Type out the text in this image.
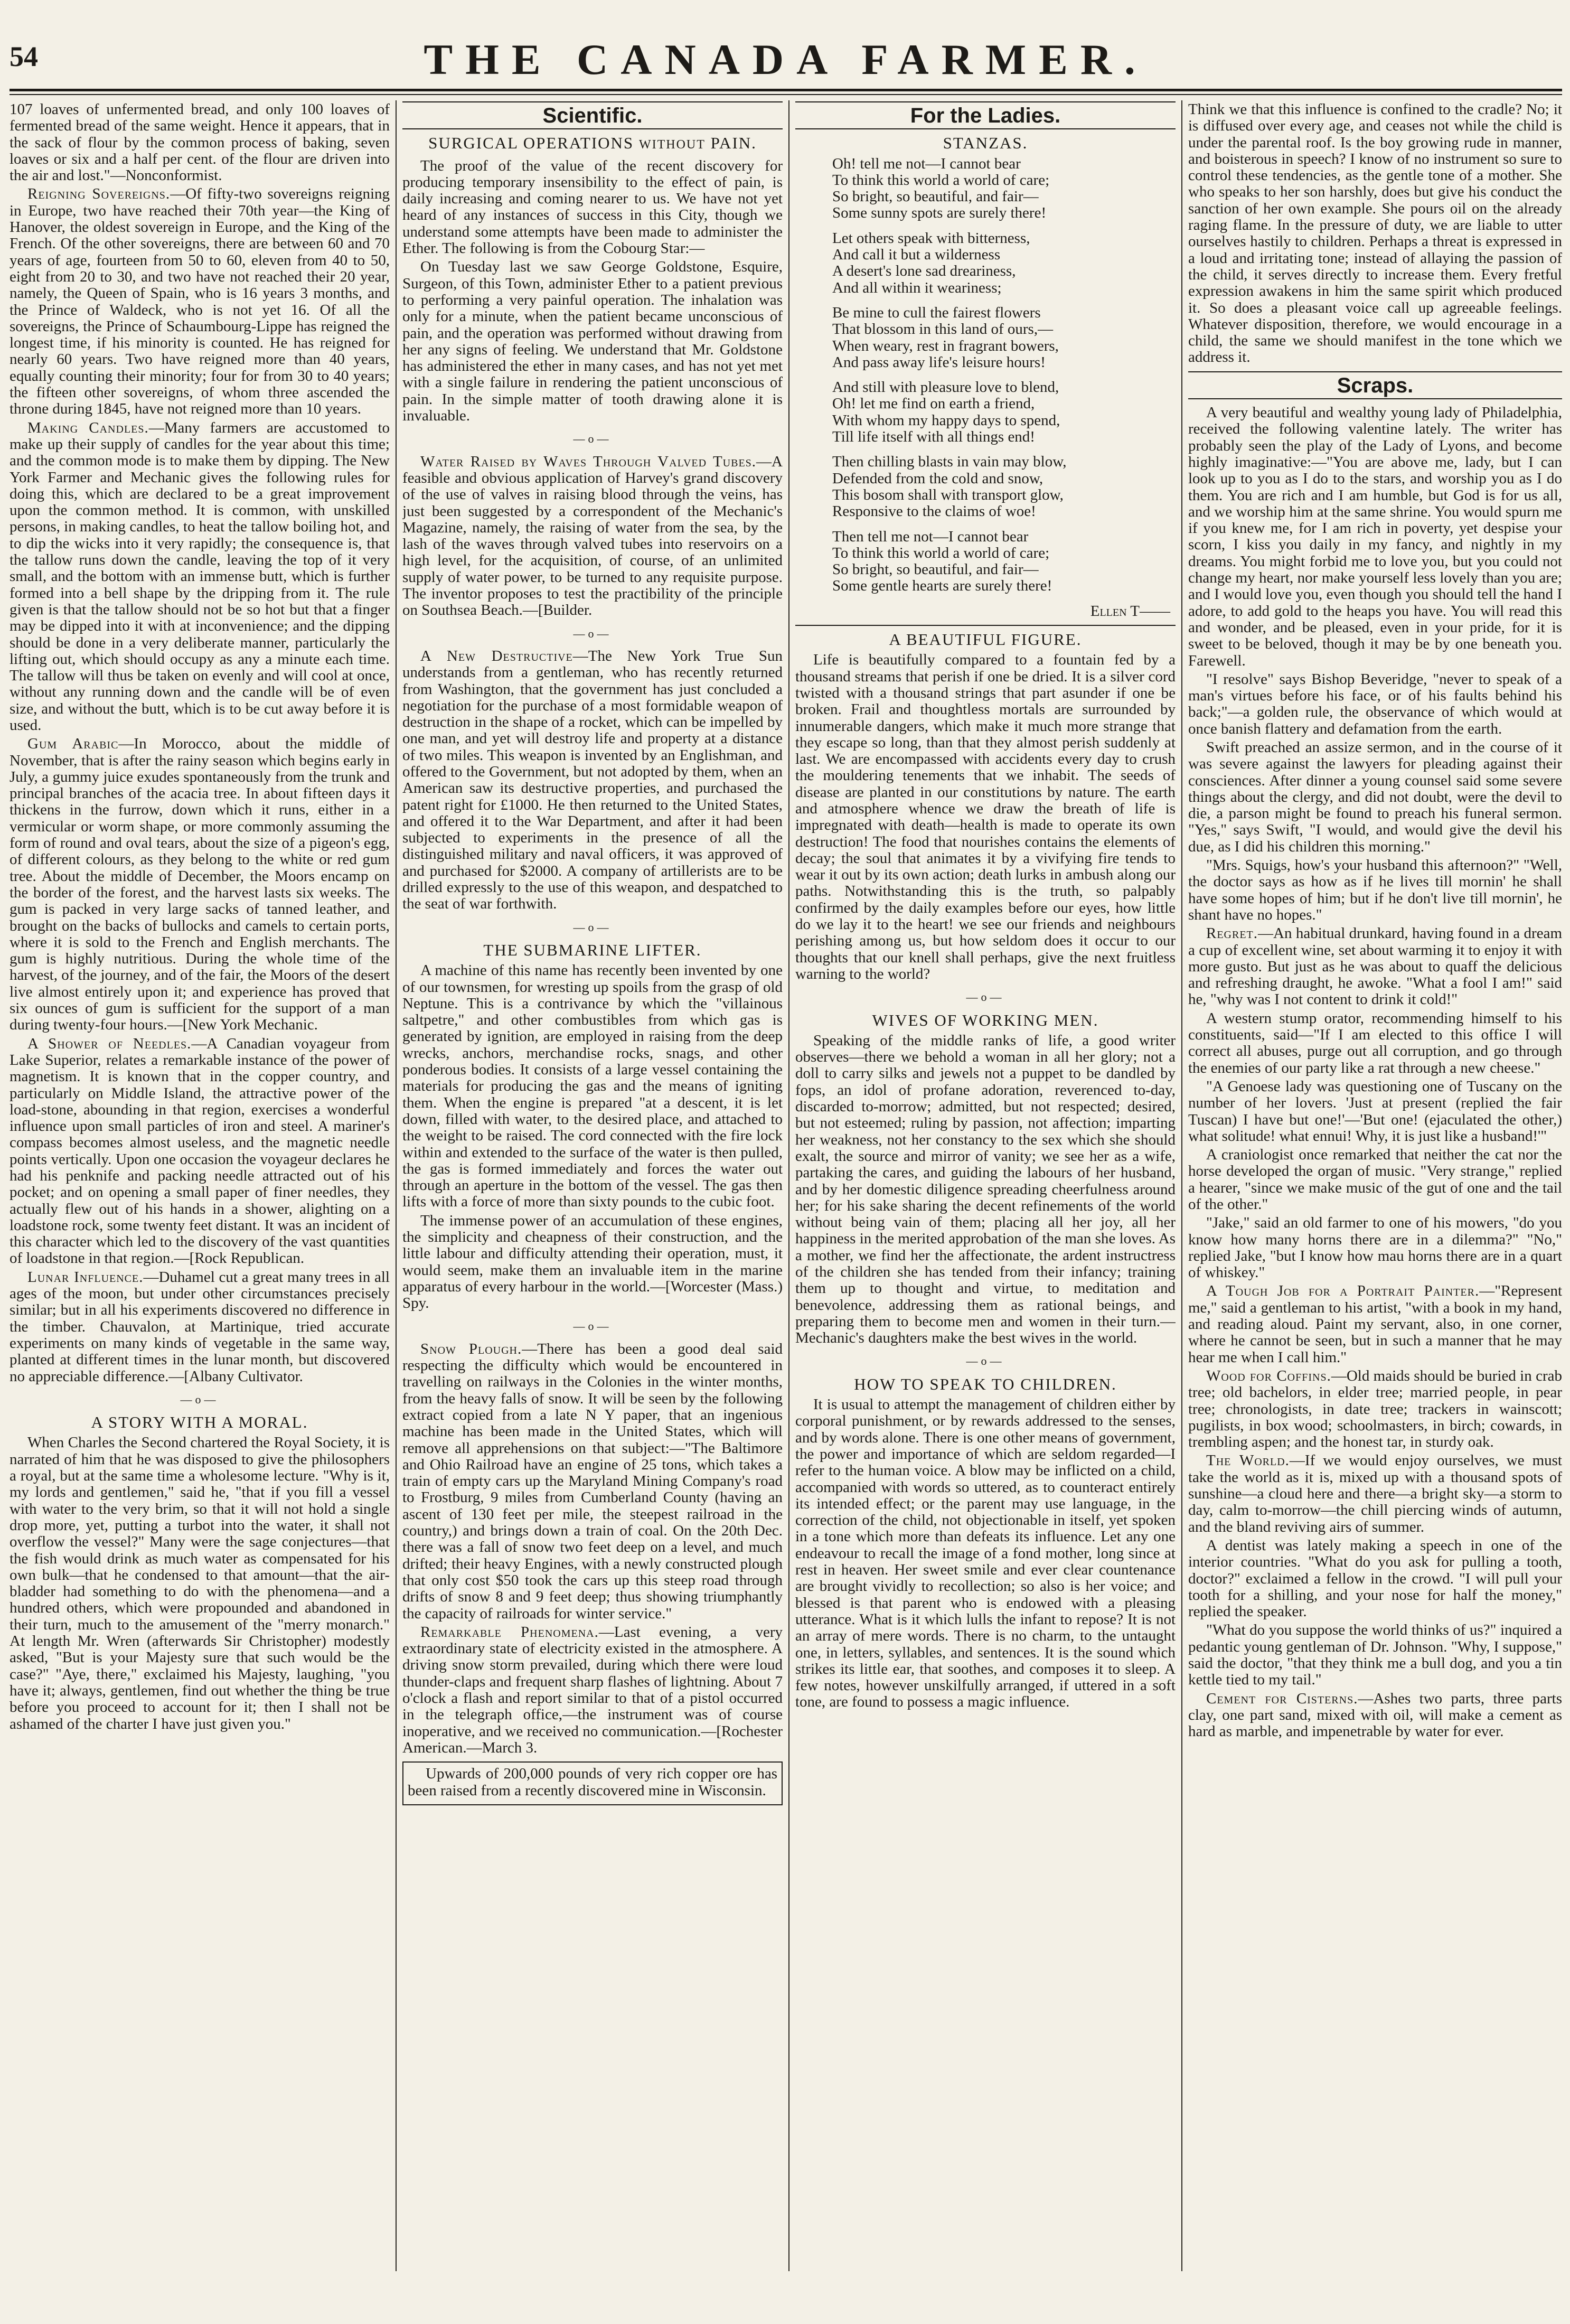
54	THE CANADA FARMER.

107 loaves of unfermented bread, and only 100 loaves of fermented bread of the same weight. Hence it appears, that in the sack of flour by the common process of baking, seven loaves or six and a half per cent. of the flour are driven into the air and lost."—Nonconformist.

Reigning Sovereigns.—Of fifty-two sovereigns reigning in Europe, two have reached their 70th year—the King of Hanover, the oldest sovereign in Europe, and the King of the French. Of the other sovereigns, there are between 60 and 70 years of age, fourteen from 50 to 60, eleven from 40 to 50, eight from 20 to 30, and two have not reached their 20 year, namely, the Queen of Spain, who is 16 years 3 months, and the Prince of Waldeck, who is not yet 16. Of all the sovereigns, the Prince of Schaumbourg-Lippe has reigned the longest time, if his minority is counted. He has reigned for nearly 60 years. Two have reigned more than 40 years, equally counting their minority; four for from 30 to 40 years; the fifteen other sovereigns, of whom three ascended the throne during 1845, have not reigned more than 10 years.

Making Candles.—Many farmers are accustomed to make up their supply of candles for the year about this time; and the common mode is to make them by dipping. The New York Farmer and Mechanic gives the following rules for doing this, which are declared to be a great improvement upon the common method. It is common, with unskilled persons, in making candles, to heat the tallow boiling hot, and to dip the wicks into it very rapidly; the consequence is, that the tallow runs down the candle, leaving the top of it very small, and the bottom with an immense butt, which is further formed into a bell shape by the dripping from it. The rule given is that the tallow should not be so hot but that a finger may be dipped into it with at inconvenience; and the dipping should be done in a very deliberate manner, particularly the lifting out, which should occupy as any a minute each time. The tallow will thus be taken on evenly and will cool at once, without any running down and the candle will be of even size, and without the butt, which is to be cut away before it is used.

Gum Arabic—In Morocco, about the middle of November, that is after the rainy season which begins early in July, a gummy juice exudes spontaneously from the trunk and principal branches of the acacia tree. In about fifteen days it thickens in the furrow, down which it runs, either in a vermicular or worm shape, or more commonly assuming the form of round and oval tears, about the size of a pigeon's egg, of different colours, as they belong to the white or red gum tree. About the middle of December, the Moors encamp on the border of the forest, and the harvest lasts six weeks. The gum is packed in very large sacks of tanned leather, and brought on the backs of bullocks and camels to certain ports, where it is sold to the French and English merchants. The gum is highly nutritious. During the whole time of the harvest, of the journey, and of the fair, the Moors of the desert live almost entirely upon it; and experience has proved that six ounces of gum is sufficient for the support of a man during twenty-four hours.—[New York Mechanic.

A Shower of Needles.—A Canadian voyageur from Lake Superior, relates a remarkable instance of the power of magnetism. It is known that in the copper country, and particularly on Middle Island, the attractive power of the load-stone, abounding in that region, exercises a wonderful influence upon small particles of iron and steel. A mariner's compass becomes almost useless, and the magnetic needle points vertically. Upon one occasion the voyageur declares he had his penknife and packing needle attracted out of his pocket; and on opening a small paper of finer needles, they actually flew out of his hands in a shower, alighting on a loadstone rock, some twenty feet distant. It was an incident of this character which led to the discovery of the vast quantities of loadstone in that region.—[Rock Republican.

Lunar Influence.—Duhamel cut a great many trees in all ages of the moon, but under other circumstances precisely similar; but in all his experiments discovered no difference in the timber. Chauvalon, at Martinique, tried accurate experiments on many kinds of vegetable in the same way, planted at different times in the lunar month, but discovered no appreciable difference.—[Albany Cultivator.

—o—
A STORY WITH A MORAL.

When Charles the Second chartered the Royal Society, it is narrated of him that he was disposed to give the philosophers a royal, but at the same time a wholesome lecture. "Why is it, my lords and gentlemen," said he, "that if you fill a vessel with water to the very brim, so that it will not hold a single drop more, yet, putting a turbot into the water, it shall not overflow the vessel?" Many were the sage conjectures—that the fish would drink as much water as compensated for his own bulk—that he condensed to that amount—that the air-bladder had something to do with the phenomena—and a hundred others, which were propounded and abandoned in their turn, much to the amusement of the "merry monarch." At length Mr. Wren (afterwards Sir Christopher) modestly asked, "But is your Majesty sure that such would be the case?" "Aye, there," exclaimed his Majesty, laughing, "you have it; always, gentlemen, find out whether the thing be true before you proceed to account for it; then I shall not be ashamed of the charter I have just given you."

Scientific.
SURGICAL OPERATIONS WITHOUT PAIN.

The proof of the value of the recent discovery for producing temporary insensibility to the effect of pain, is daily increasing and coming nearer to us. We have not yet heard of any instances of success in this City, though we understand some attempts have been made to administer the Ether. The following is from the Cobourg Star:—

On Tuesday last we saw George Goldstone, Esquire, Surgeon, of this Town, administer Ether to a patient previous to performing a very painful operation. The inhalation was only for a minute, when the patient became unconscious of pain, and the operation was performed without drawing from her any signs of feeling. We understand that Mr. Goldstone has administered the ether in many cases, and has not yet met with a single failure in rendering the patient unconscious of pain. In the simple matter of tooth drawing alone it is invaluable.

—o—

Water Raised by Waves Through Valved Tubes.—A feasible and obvious application of Harvey's grand discovery of the use of valves in raising blood through the veins, has just been suggested by a correspondent of the Mechanic's Magazine, namely, the raising of water from the sea, by the lash of the waves through valved tubes into reservoirs on a high level, for the acquisition, of course, of an unlimited supply of water power, to be turned to any requisite purpose. The inventor proposes to test the practibility of the principle on Southsea Beach.—[Builder.

—o—

A New Destructive—The New York True Sun understands from a gentleman, who has recently returned from Washington, that the government has just concluded a negotiation for the purchase of a most formidable weapon of destruction in the shape of a rocket, which can be impelled by one man, and yet will destroy life and property at a distance of two miles. This weapon is invented by an Englishman, and offered to the Government, but not adopted by them, when an American saw its destructive properties, and purchased the patent right for £1000. He then returned to the United States, and offered it to the War Department, and after it had been subjected to experiments in the presence of all the distinguished military and naval officers, it was approved of and purchased for $2000. A company of artillerists are to be drilled expressly to the use of this weapon, and despatched to the seat of war forthwith.

—o—
THE SUBMARINE LIFTER.

A machine of this name has recently been invented by one of our townsmen, for wresting up spoils from the grasp of old Neptune. This is a contrivance by which the "villainous saltpetre," and other combustibles from which gas is generated by ignition, are employed in raising from the deep wrecks, anchors, merchandise rocks, snags, and other ponderous bodies. It consists of a large vessel containing the materials for producing the gas and the means of igniting them. When the engine is prepared "at a descent, it is let down, filled with water, to the desired place, and attached to the weight to be raised. The cord connected with the fire lock within and extended to the surface of the water is then pulled, the gas is formed immediately and forces the water out through an aperture in the bottom of the vessel. The gas then lifts with a force of more than sixty pounds to the cubic foot.

The immense power of an accumulation of these engines, the simplicity and cheapness of their construction, and the little labour and difficulty attending their operation, must, it would seem, make them an invaluable item in the marine apparatus of every harbour in the world.—[Worcester (Mass.) Spy.

—o—

Snow Plough.—There has been a good deal said respecting the difficulty which would be encountered in travelling on railways in the Colonies in the winter months, from the heavy falls of snow. It will be seen by the following extract copied from a late N Y paper, that an ingenious machine has been made in the United States, which will remove all apprehensions on that subject:—"The Baltimore and Ohio Railroad have an engine of 25 tons, which takes a train of empty cars up the Maryland Mining Company's road to Frostburg, 9 miles from Cumberland County (having an ascent of 130 feet per mile, the steepest railroad in the country,) and brings down a train of coal. On the 20th Dec. there was a fall of snow two feet deep on a level, and much drifted; their heavy Engines, with a newly constructed plough that only cost $50 took the cars up this steep road through drifts of snow 8 and 9 feet deep; thus showing triumphantly the capacity of railroads for winter service."

Remarkable Phenomena.—Last evening, a very extraordinary state of electricity existed in the atmosphere. A driving snow storm prevailed, during which there were loud thunder-claps and frequent sharp flashes of lightning. About 7 o'clock a flash and report similar to that of a pistol occurred in the telegraph office,—the instrument was of course inoperative, and we received no communication.—[Rochester American.—March 3.

Upwards of 200,000 pounds of very rich copper ore has been raised from a recently discovered mine in Wisconsin.

For the Ladies.
STANZAS.
Oh! tell me not—I cannot bear
To think this world a world of care;
So bright, so beautiful, and fair—
Some sunny spots are surely there!
Let others speak with bitterness,
And call it but a wilderness
A desert's lone sad dreariness,
And all within it weariness;
Be mine to cull the fairest flowers
That blossom in this land of ours,—
When weary, rest in fragrant bowers,
And pass away life's leisure hours!
And still with pleasure love to blend,
Oh! let me find on earth a friend,
With whom my happy days to spend,
Till life itself with all things end!
Then chilling blasts in vain may blow,
Defended from the cold and snow,
This bosom shall with transport glow,
Responsive to the claims of woe!
Then tell me not—I cannot bear
To think this world a world of care;
So bright, so beautiful, and fair—
Some gentle hearts are surely there!
Ellen T——
A BEAUTIFUL FIGURE.

Life is beautifully compared to a fountain fed by a thousand streams that perish if one be dried. It is a silver cord twisted with a thousand strings that part asunder if one be broken. Frail and thoughtless mortals are surrounded by innumerable dangers, which make it much more strange that they escape so long, than that they almost perish suddenly at last. We are encompassed with accidents every day to crush the mouldering tenements that we inhabit. The seeds of disease are planted in our constitutions by nature. The earth and atmosphere whence we draw the breath of life is impregnated with death—health is made to operate its own destruction! The food that nourishes contains the elements of decay; the soul that animates it by a vivifying fire tends to wear it out by its own action; death lurks in ambush along our paths. Notwithstanding this is the truth, so palpably confirmed by the daily examples before our eyes, how little do we lay it to the heart! we see our friends and neighbours perishing among us, but how seldom does it occur to our thoughts that our knell shall perhaps, give the next fruitless warning to the world?

—o—
WIVES OF WORKING MEN.

Speaking of the middle ranks of life, a good writer observes—there we behold a woman in all her glory; not a doll to carry silks and jewels not a puppet to be dandled by fops, an idol of profane adoration, reverenced to-day, discarded to-morrow; admitted, but not respected; desired, but not esteemed; ruling by passion, not affection; imparting her weakness, not her constancy to the sex which she should exalt, the source and mirror of vanity; we see her as a wife, partaking the cares, and guiding the labours of her husband, and by her domestic diligence spreading cheerfulness around her; for his sake sharing the decent refinements of the world without being vain of them; placing all her joy, all her happiness in the merited approbation of the man she loves. As a mother, we find her the affectionate, the ardent instructress of the children she has tended from their infancy; training them up to thought and virtue, to meditation and benevolence, addressing them as rational beings, and preparing them to become men and women in their turn.—Mechanic's daughters make the best wives in the world.

—o—
HOW TO SPEAK TO CHILDREN.

It is usual to attempt the management of children either by corporal punishment, or by rewards addressed to the senses, and by words alone. There is one other means of government, the power and importance of which are seldom regarded—I refer to the human voice. A blow may be inflicted on a child, accompanied with words so uttered, as to counteract entirely its intended effect; or the parent may use language, in the correction of the child, not objectionable in itself, yet spoken in a tone which more than defeats its influence. Let any one endeavour to recall the image of a fond mother, long since at rest in heaven. Her sweet smile and ever clear countenance are brought vividly to recollection; so also is her voice; and blessed is that parent who is endowed with a pleasing utterance. What is it which lulls the infant to repose? It is not an array of mere words. There is no charm, to the untaught one, in letters, syllables, and sentences. It is the sound which strikes its little ear, that soothes, and composes it to sleep. A few notes, however unskilfully arranged, if uttered in a soft tone, are found to possess a magic influence.

Think we that this influence is confined to the cradle? No; it is diffused over every age, and ceases not while the child is under the parental roof. Is the boy growing rude in manner, and boisterous in speech? I know of no instrument so sure to control these tendencies, as the gentle tone of a mother. She who speaks to her son harshly, does but give his conduct the sanction of her own example. She pours oil on the already raging flame. In the pressure of duty, we are liable to utter ourselves hastily to children. Perhaps a threat is expressed in a loud and irritating tone; instead of allaying the passion of the child, it serves directly to increase them. Every fretful expression awakens in him the same spirit which produced it. So does a pleasant voice call up agreeable feelings. Whatever disposition, therefore, we would encourage in a child, the same we should manifest in the tone which we address it.

Scraps.

A very beautiful and wealthy young lady of Philadelphia, received the following valentine lately. The writer has probably seen the play of the Lady of Lyons, and become highly imaginative:—"You are above me, lady, but I can look up to you as I do to the stars, and worship you as I do them. You are rich and I am humble, but God is for us all, and we worship him at the same shrine. You would spurn me if you knew me, for I am rich in poverty, yet despise your scorn, I kiss you daily in my fancy, and nightly in my dreams. You might forbid me to love you, but you could not change my heart, nor make yourself less lovely than you are; and I would love you, even though you should tell the hand I adore, to add gold to the heaps you have. You will read this and wonder, and be pleased, even in your pride, for it is sweet to be beloved, though it may be by one beneath you. Farewell.

"I resolve" says Bishop Beveridge, "never to speak of a man's virtues before his face, or of his faults behind his back;"—a golden rule, the observance of which would at once banish flattery and defamation from the earth.

Swift preached an assize sermon, and in the course of it was severe against the lawyers for pleading against their consciences. After dinner a young counsel said some severe things about the clergy, and did not doubt, were the devil to die, a parson might be found to preach his funeral sermon. "Yes," says Swift, "I would, and would give the devil his due, as I did his children this morning."

"Mrs. Squigs, how's your husband this afternoon?" "Well, the doctor says as how as if he lives till mornin' he shall have some hopes of him; but if he don't live till mornin', he shant have no hopes."

Regret.—An habitual drunkard, having found in a dream a cup of excellent wine, set about warming it to enjoy it with more gusto. But just as he was about to quaff the delicious and refreshing draught, he awoke. "What a fool I am!" said he, "why was I not content to drink it cold!"

A western stump orator, recommending himself to his constituents, said—"If I am elected to this office I will correct all abuses, purge out all corruption, and go through the enemies of our party like a rat through a new cheese."

"A Genoese lady was questioning one of Tuscany on the number of her lovers. 'Just at present (replied the fair Tuscan) I have but one!'—'But one! (ejaculated the other,) what solitude! what ennui! Why, it is just like a husband!'"

A craniologist once remarked that neither the cat nor the horse developed the organ of music. "Very strange," replied a hearer, "since we make music of the gut of one and the tail of the other."

"Jake," said an old farmer to one of his mowers, "do you know how many horns there are in a dilemma?" "No," replied Jake, "but I know how mau horns there are in a quart of whiskey."

A Tough Job for a Portrait Painter.—"Represent me," said a gentleman to his artist, "with a book in my hand, and reading aloud. Paint my servant, also, in one corner, where he cannot be seen, but in such a manner that he may hear me when I call him."

Wood for Coffins.—Old maids should be buried in crab tree; old bachelors, in elder tree; married people, in pear tree; chronologists, in date tree; trackers in wainscott; pugilists, in box wood; schoolmasters, in birch; cowards, in trembling aspen; and the honest tar, in sturdy oak.

The World.—If we would enjoy ourselves, we must take the world as it is, mixed up with a thousand spots of sunshine—a cloud here and there—a bright sky—a storm to day, calm to-morrow—the chill piercing winds of autumn, and the bland reviving airs of summer.

A dentist was lately making a speech in one of the interior countries. "What do you ask for pulling a tooth, doctor?" exclaimed a fellow in the crowd. "I will pull your tooth for a shilling, and your nose for half the money," replied the speaker.

"What do you suppose the world thinks of us?" inquired a pedantic young gentleman of Dr. Johnson. "Why, I suppose," said the doctor, "that they think me a bull dog, and you a tin kettle tied to my tail."

Cement for Cisterns.—Ashes two parts, three parts clay, one part sand, mixed with oil, will make a cement as hard as marble, and impenetrable by water for ever.
